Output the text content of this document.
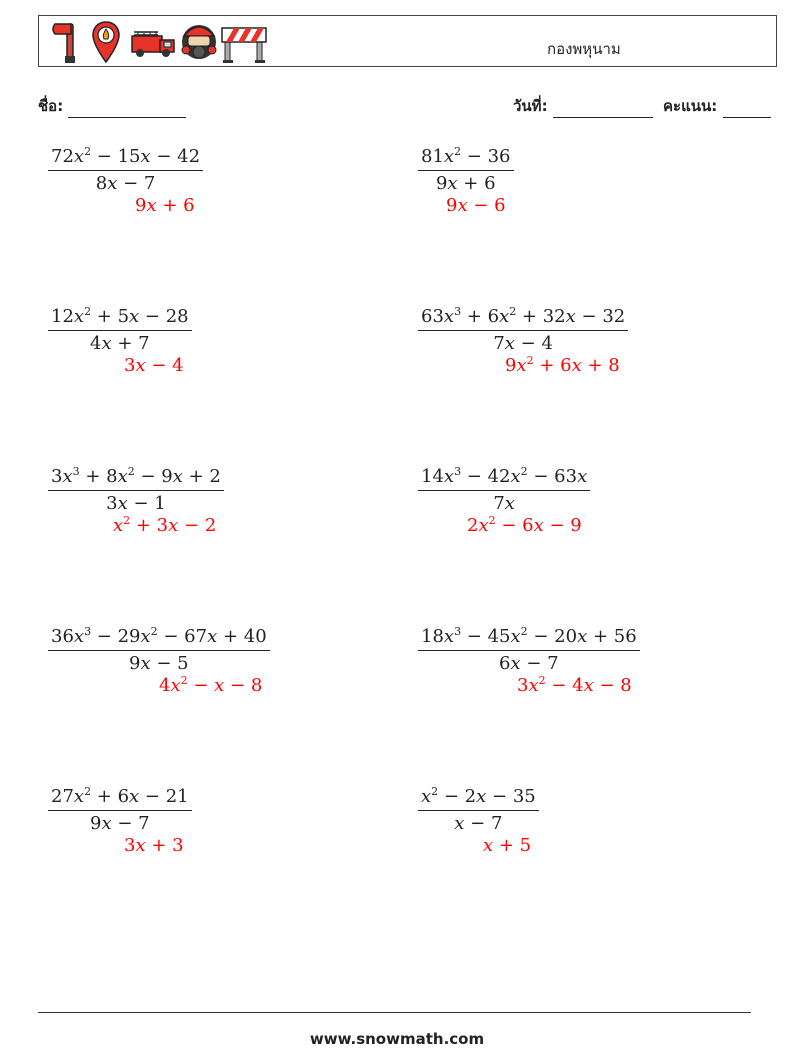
กองพหุนาม
ชื่อ:	วันที่:	คะแนน:
$\frac{72x^2 - 15x - 42}{8x - 7}$
9x + 6
$\frac{81x^2 - 36}{9x + 6}$
9x − 6
$\frac{12x^2 + 5x - 28}{4x + 7}$
3x − 4
$\frac{63x^3 + 6x^2 + 32x - 32}{7x - 4}$
$9x^2 + 6x + 8$
$\frac{3x^3 + 8x^2 - 9x + 2}{3x - 1}$
$x^2 + 3x - 2$
$\frac{14x^3 - 42x^2 - 63x}{7x}$
$2x^2 - 6x - 9$
$\frac{36x^3 - 29x^2 - 67x + 40}{9x - 5}$
$4x^2 - x - 8$
$\frac{18x^3 - 45x^2 - 20x + 56}{6x - 7}$
$3x^2 - 4x - 8$
$\frac{27x^2 + 6x - 21}{9x - 7}$
3x + 3
$\frac{x^2 - 2x - 35}{x - 7}$
x + 5
www.snowmath.com
